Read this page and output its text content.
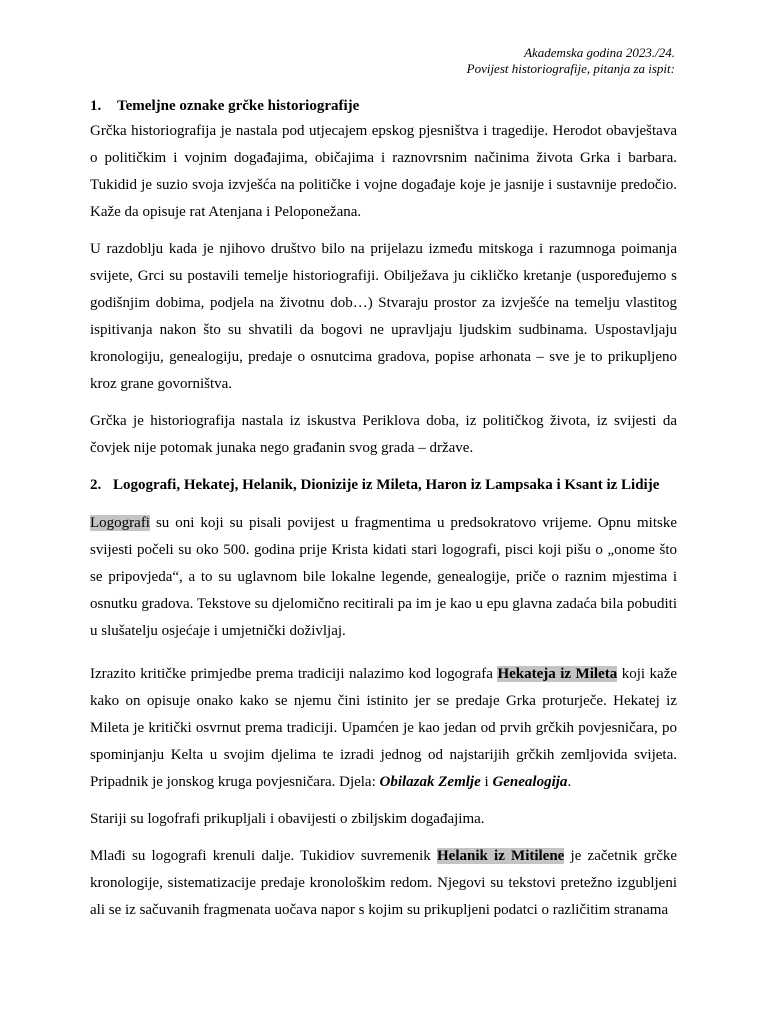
Akademska godina 2023./24.
Povijest historiografije, pitanja za ispit:
1. Temeljne oznake grčke historiografije

Grčka historiografija je nastala pod utjecajem epskog pjesništva i tragedije. Herodot obavještava o političkim i vojnim događajima, običajima i raznovrsnim načinima života Grka i barbara. Tukidid je suzio svoja izvješća na političke i vojne događaje koje je jasnije i sustavnije predočio. Kaže da opisuje rat Atenjana i Peloponežana.

U razdoblju kada je njihovo društvo bilo na prijelazu između mitskoga i razumnoga poimanja svijete, Grci su postavili temelje historiografiji. Obilježava ju cikličko kretanje (uspoređujemo s godišnjim dobima, podjela na životnu dob…) Stvaraju prostor za izvješće na temelju vlastitog ispitivanja nakon što su shvatili da bogovi ne upravljaju ljudskim sudbinama. Uspostavljaju kronologiju, genealogiju, predaje o osnutcima gradova, popise arhonata – sve je to prikupljeno kroz grane govorništva.

Grčka je historiografija nastala iz iskustva Periklova doba, iz političkog života, iz svijesti da čovjek nije potomak junaka nego građanin svog grada – države.

2. Logografi, Hekatej, Helanik, Dionizije iz Mileta, Haron iz Lampsaka i Ksant iz Lidije

Logografi su oni koji su pisali povijest u fragmentima u predsokratovo vrijeme. Opnu mitske svijesti počeli su oko 500. godina prije Krista kidati stari logografi, pisci koji pišu o „onome što se pripovjeda“, a to su uglavnom bile lokalne legende, genealogije, priče o raznim mjestima i osnutku gradova. Tekstove su djelomično recitirali pa im je kao u epu glavna zadaća bila pobuditi u slušatelju osjećaje i umjetnički doživljaj.

Izrazito kritičke primjedbe prema tradiciji nalazimo kod logografa Hekateja iz Mileta koji kaže kako on opisuje onako kako se njemu čini istinito jer se predaje Grka proturječe. Hekatej iz Mileta je kritički osvrnut prema tradiciji. Upamćen je kao jedan od prvih grčkih povjesničara, po spominjanju Kelta u svojim djelima te izradi jednog od najstarijih grčkih zemljovida svijeta. Pripadnik je jonskog kruga povjesničara. Djela: Obilazak Zemlje i Genealogija.

Stariji su logofrafi prikupljali i obavijesti o zbiljskim događajima.

Mlađi su logografi krenuli dalje. Tukidiov suvremenik Helanik iz Mitilene je začetnik grčke kronologije, sistematizacije predaje kronološkim redom. Njegovi su tekstovi pretežno izgubljeni ali se iz sačuvanih fragmenata uočava napor s kojim su prikupljeni podatci o različitim stranama
